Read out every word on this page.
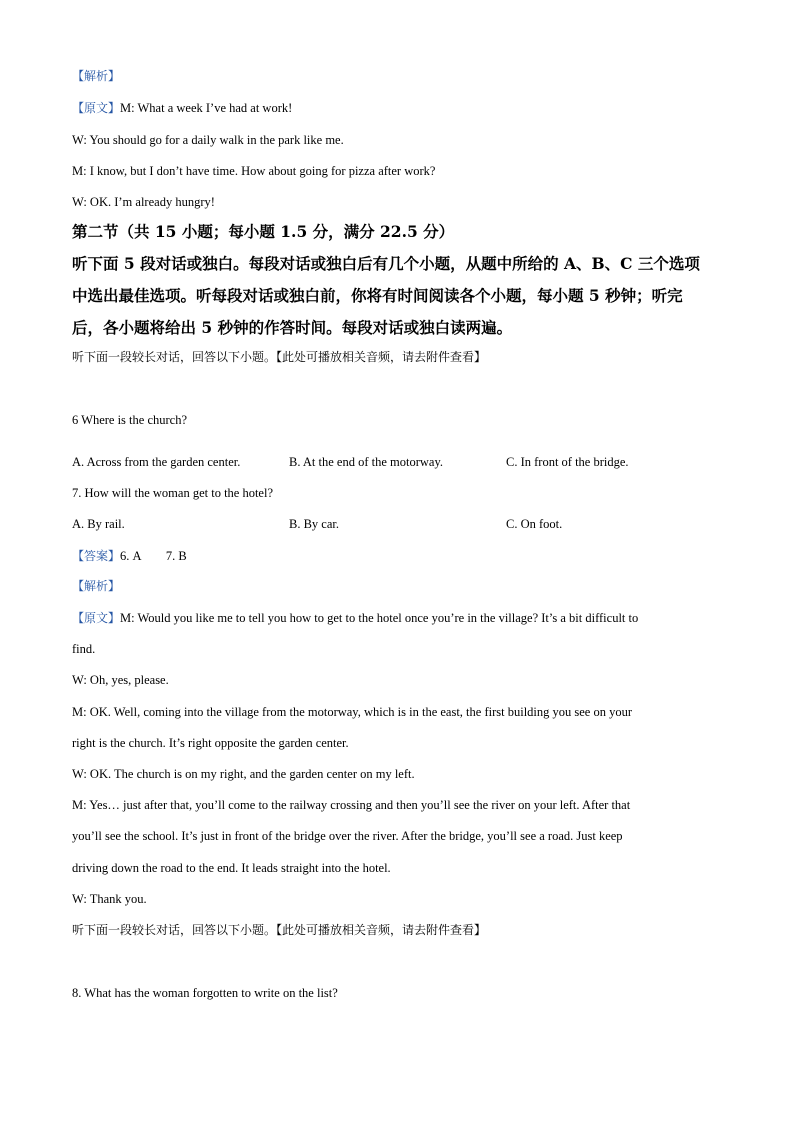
【解析】
【原文】M: What a week I’ve had at work!
W: You should go for a daily walk in the park like me.
M: I know, but I don’t have time. How about going for pizza after work?
W: OK. I’m already hungry!
第二节（共 15 小题；每小题 1.5 分，满分 22.5 分）
听下面 5 段对话或独白。每段对话或独白后有几个小题，从题中所给的 A、B、C 三个选项
中选出最佳选项。听每段对话或独白前，你将有时间阅读各个小题，每小题 5 秒钟；听完
后，各小题将给出 5 秒钟的作答时间。每段对话或独白读两遍。
听下面一段较长对话，回答以下小题。【此处可播放相关音频，请去附件查看】
6 Where is the church?
A. Across from the garden center.	B. At the end of the motorway.	C. In front of the bridge.
7. How will the woman get to the hotel?
A. By rail.	B. By car.	C. On foot.
【答案】6. A        7. B
【解析】
【原文】M: Would you like me to tell you how to get to the hotel once you’re in the village? It’s a bit difficult to
find.
W: Oh, yes, please.
M: OK. Well, coming into the village from the motorway, which is in the east, the first building you see on your
right is the church. It’s right opposite the garden center.
W: OK. The church is on my right, and the garden center on my left.
M: Yes… just after that, you’ll come to the railway crossing and then you’ll see the river on your left. After that
you’ll see the school. It’s just in front of the bridge over the river. After the bridge, you’ll see a road. Just keep
driving down the road to the end. It leads straight into the hotel.
W: Thank you.
听下面一段较长对话，回答以下小题。【此处可播放相关音频，请去附件查看】
8. What has the woman forgotten to write on the list?
